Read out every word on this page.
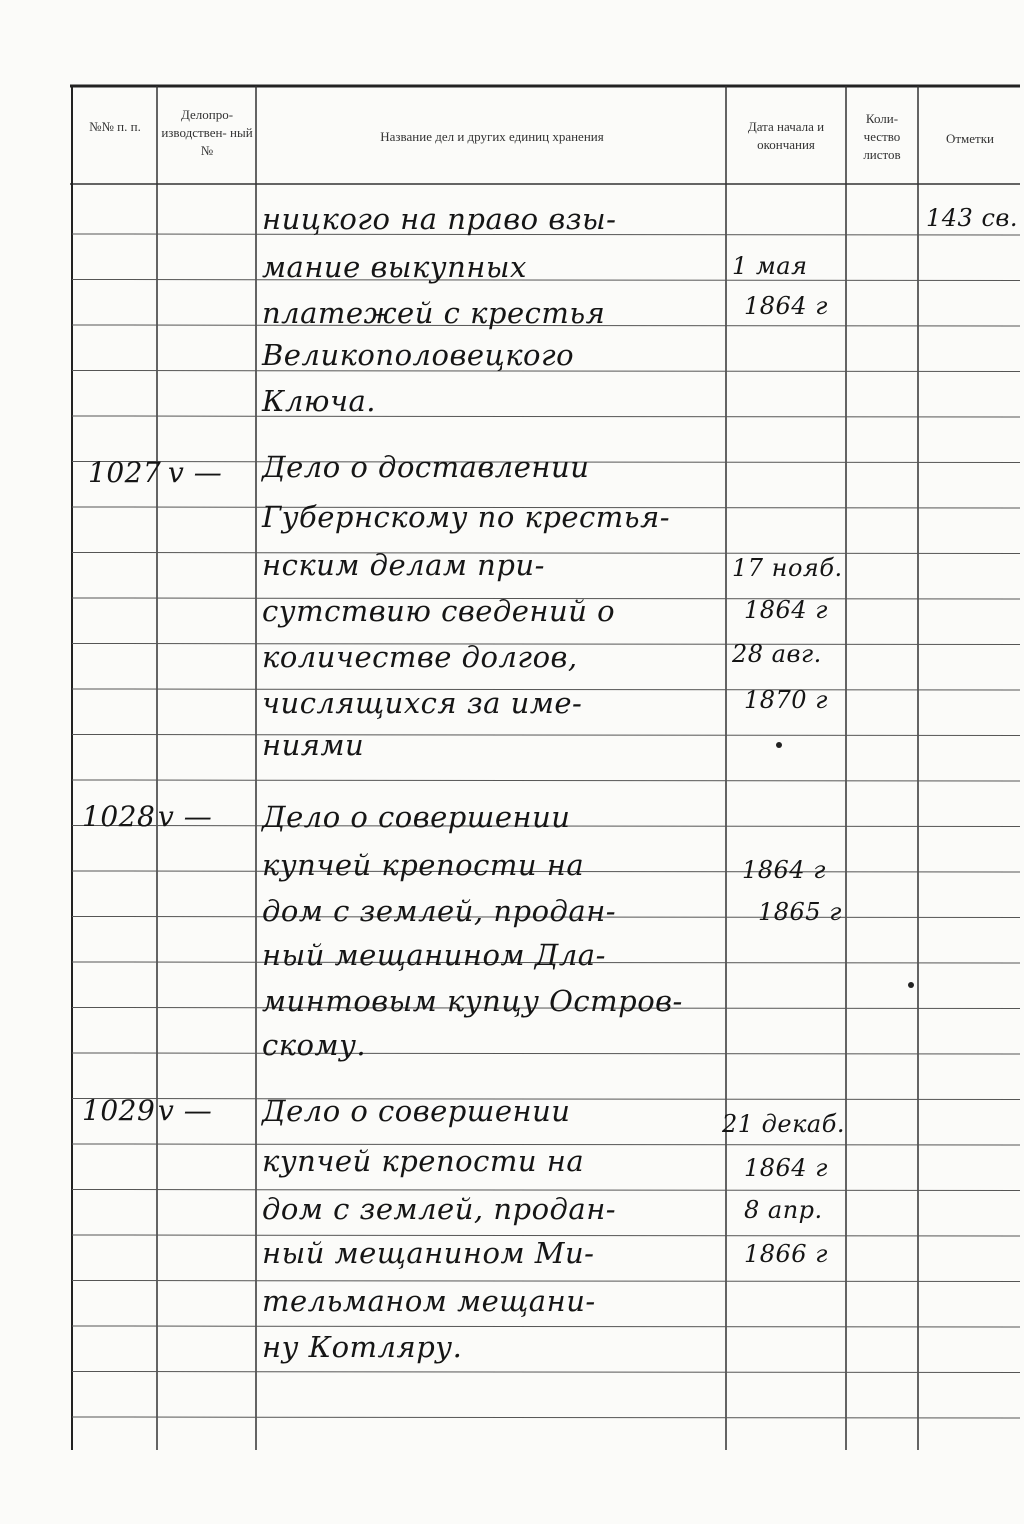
№№ п. п.
Делопро- изводствен- ный №
Название дел и других единиц хранения
Дата начала и окончания
Коли- чество листов
Отметки
ницкого на право взы-
мание выкупных
платежей с крестья
Великополовецкого
Ключа.
1 мая
1864 г
143 св.
1027 v — Дело о доставлении
Губернскому по крестья-
нским делам при-
сутствию сведений о
количестве долгов,
числящихся за име-
ниями
17 нояб.
1864 г
28 авг.
1870 г
1028 v — Дело о совершении
купчей крепости на
дом с землей, продан-
ный мещанином Дла-
минтовым купцу Остров-
скому.
1864 г
1865 г
1029 v — Дело о совершении
купчей крепости на
дом с землей, продан-
ный мещанином Ми-
тельманом мещани-
ну Котляру.
21 декаб.
1864 г
8 апр.
1866 г
